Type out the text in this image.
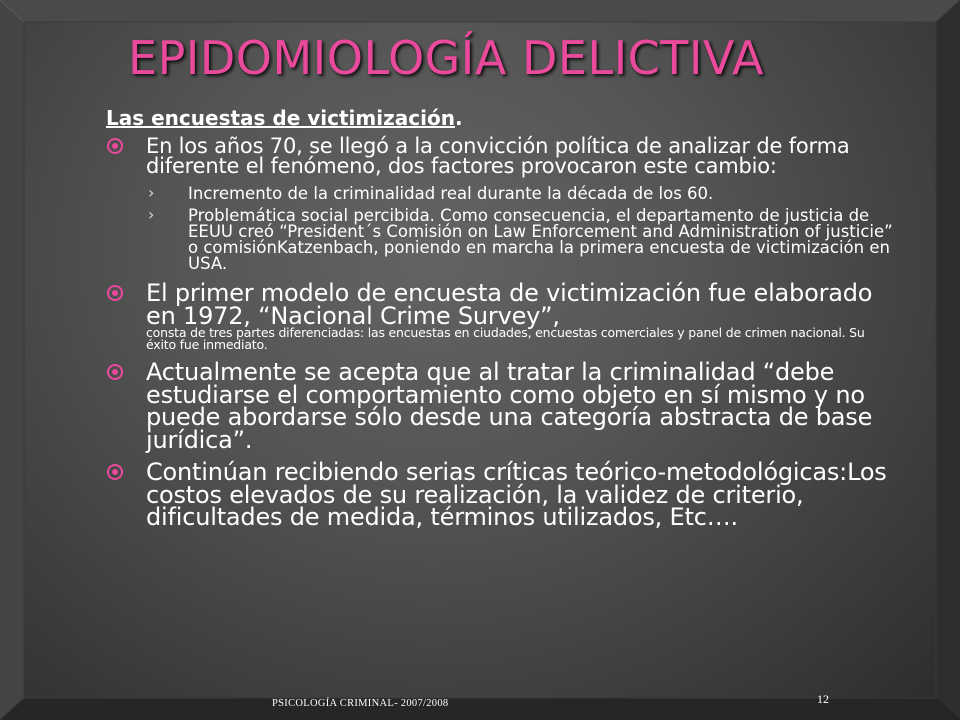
EPIDOMIOLOGÍA DELICTIVA

Las encuestas de victimización.

En los años 70, se llegó a la convicción política de analizar de forma diferente el fenómeno, dos factores provocaron este cambio:
› Incremento de la criminalidad real durante la década de los 60.
› Problemática social percibida. Como consecuencia, el departamento de justicia de EEUU creó “President´s Comisión on Law Enforcement and Administration of justicie” o comisiónKatzenbach, poniendo en marcha la primera encuesta de victimización en USA.
El primer modelo de encuesta de victimización fue elaborado en 1972, “Nacional Crime Survey”,
consta de tres partes diferenciadas: las encuestas en ciudades, encuestas comerciales y panel de crimen nacional. Su éxito fue inmediato.
Actualmente se acepta que al tratar la criminalidad “debe estudiarse el comportamiento como objeto en sí mismo y no puede abordarse sólo desde una categoría abstracta de base jurídica”.
Continúan recibiendo serias críticas teórico-metodológicas:Los costos elevados de su realización, la validez de criterio, dificultades de medida, términos utilizados, Etc….
PSICOLOGÍA CRIMINAL- 2007/2008	12
